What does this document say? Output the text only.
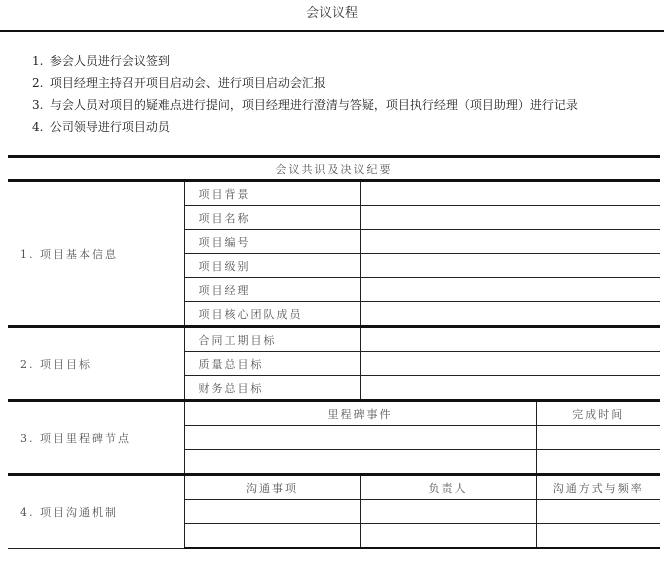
会议议程
1. 参会人员进行会议签到
2. 项目经理主持召开项目启动会、进行项目启动会汇报
3. 与会人员对项目的疑难点进行提问，项目经理进行澄清与答疑，项目执行经理（项目助理）进行记录
4. 公司领导进行项目动员
会议共识及决议纪要			
1. 项目基本信息	项目背景		
	项目名称		
	项目编号		
	项目级别		
	项目经理		
	项目核心团队成员		
2. 项目目标	合同工期目标		
	质量总目标		
	财务总目标		
3. 项目里程碑节点	里程碑事件		完成时间

4. 项目沟通机制	沟通事项	负责人	沟通方式与频率
